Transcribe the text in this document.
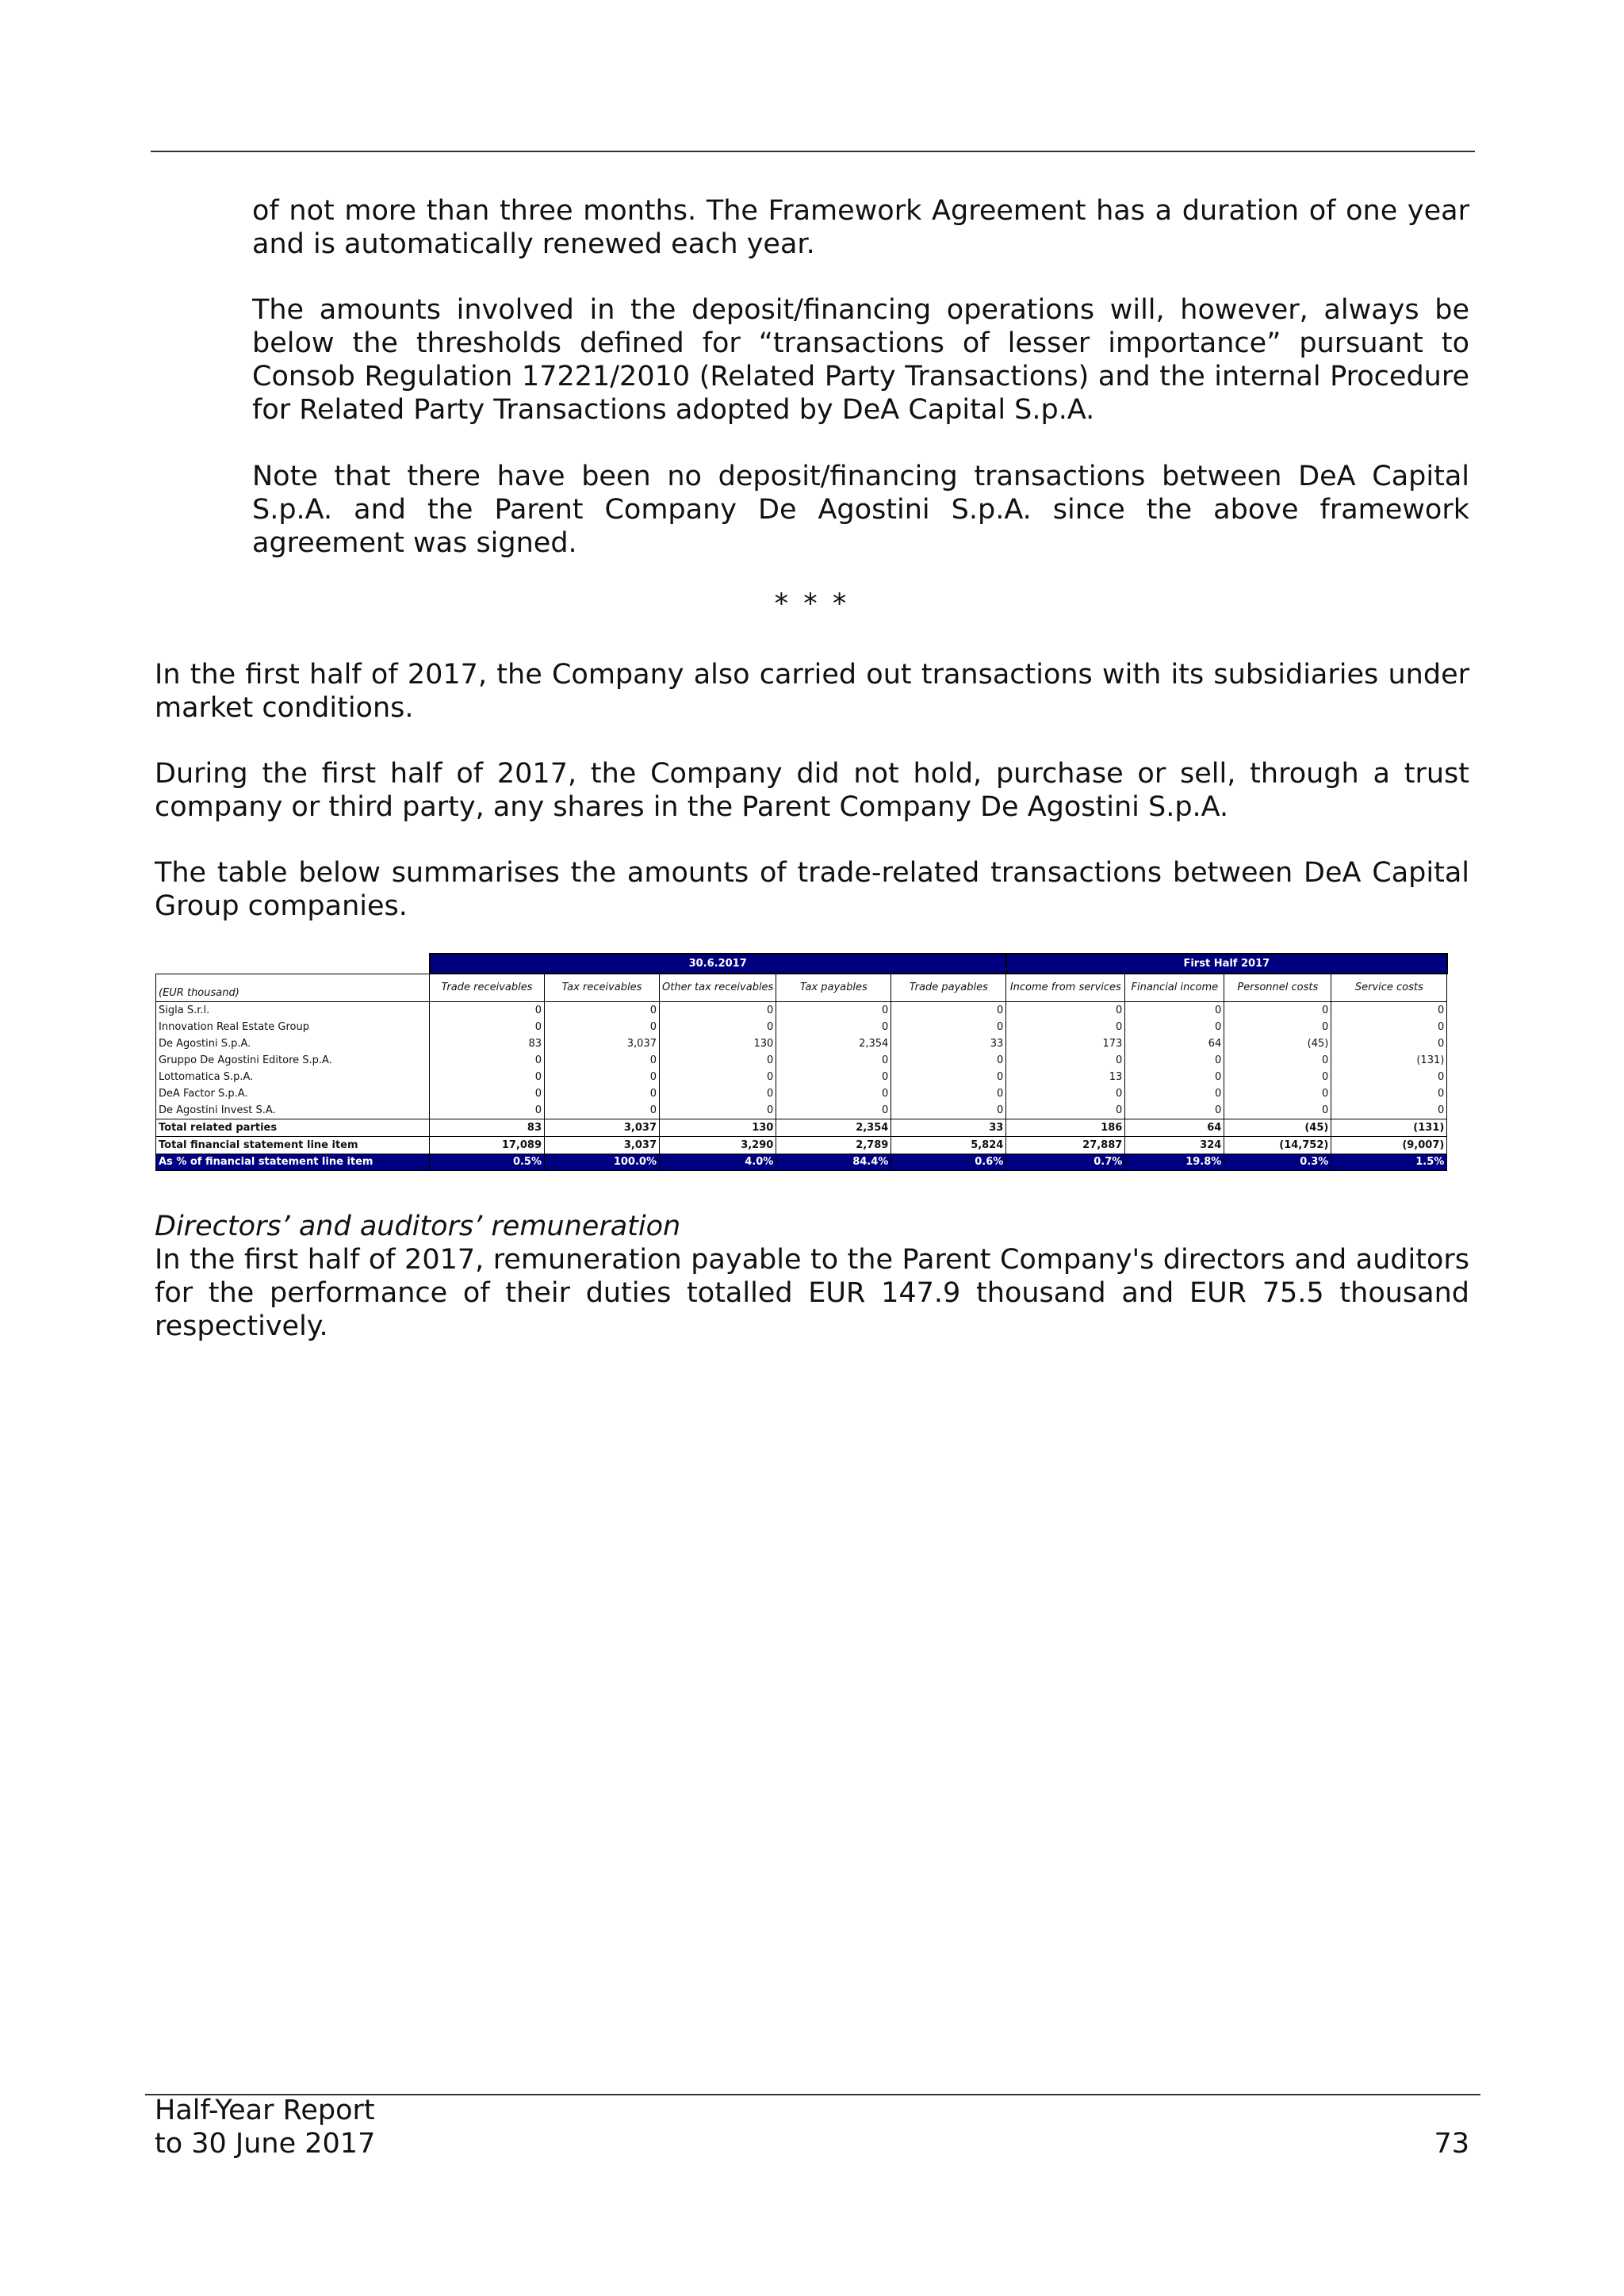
of not more than three months. The Framework Agreement has a duration of one year and is automatically renewed each year.

The amounts involved in the deposit/financing operations will, however, always be below the thresholds defined for “transactions of lesser importance” pursuant to Consob Regulation 17221/2010 (Related Party Transactions) and the internal Procedure for Related Party Transactions adopted by DeA Capital S.p.A.

Note that there have been no deposit/financing transactions between DeA Capital S.p.A. and the Parent Company De Agostini S.p.A. since the above framework agreement was signed.

* * *

In the first half of 2017, the Company also carried out transactions with its subsidiaries under market conditions.

During the first half of 2017, the Company did not hold, purchase or sell, through a trust company or third party, any shares in the Parent Company De Agostini S.p.A.

The table below summarises the amounts of trade-related transactions between DeA Capital Group companies.

	30.6.2017					First Half 2017			
(EUR thousand)	Trade receivables	Tax receivables	Other tax receivables	Tax payables	Trade payables	Income from services	Financial income	Personnel costs	Service costs
Sigla S.r.l.	0	0	0	0	0	0	0	0	0
Innovation Real Estate Group	0	0	0	0	0	0	0	0	0
De Agostini S.p.A.	83	3,037	130	2,354	33	173	64	(45)	0
Gruppo De Agostini Editore S.p.A.	0	0	0	0	0	0	0	0	(131)
Lottomatica S.p.A.	0	0	0	0	0	13	0	0	0
DeA Factor S.p.A.	0	0	0	0	0	0	0	0	0
De Agostini Invest S.A.	0	0	0	0	0	0	0	0	0
Total related parties	83	3,037	130	2,354	33	186	64	(45)	(131)
Total financial statement line item	17,089	3,037	3,290	2,789	5,824	27,887	324	(14,752)	(9,007)
As % of financial statement line item	0.5%	100.0%	4.0%	84.4%	0.6%	0.7%	19.8%	0.3%	1.5%
Directors’ and auditors’ remuneration

In the first half of 2017, remuneration payable to the Parent Company's directors and auditors for the performance of their duties totalled EUR 147.9 thousand and EUR 75.5 thousand respectively.

Half-Year Report
to 30 June 2017	73
